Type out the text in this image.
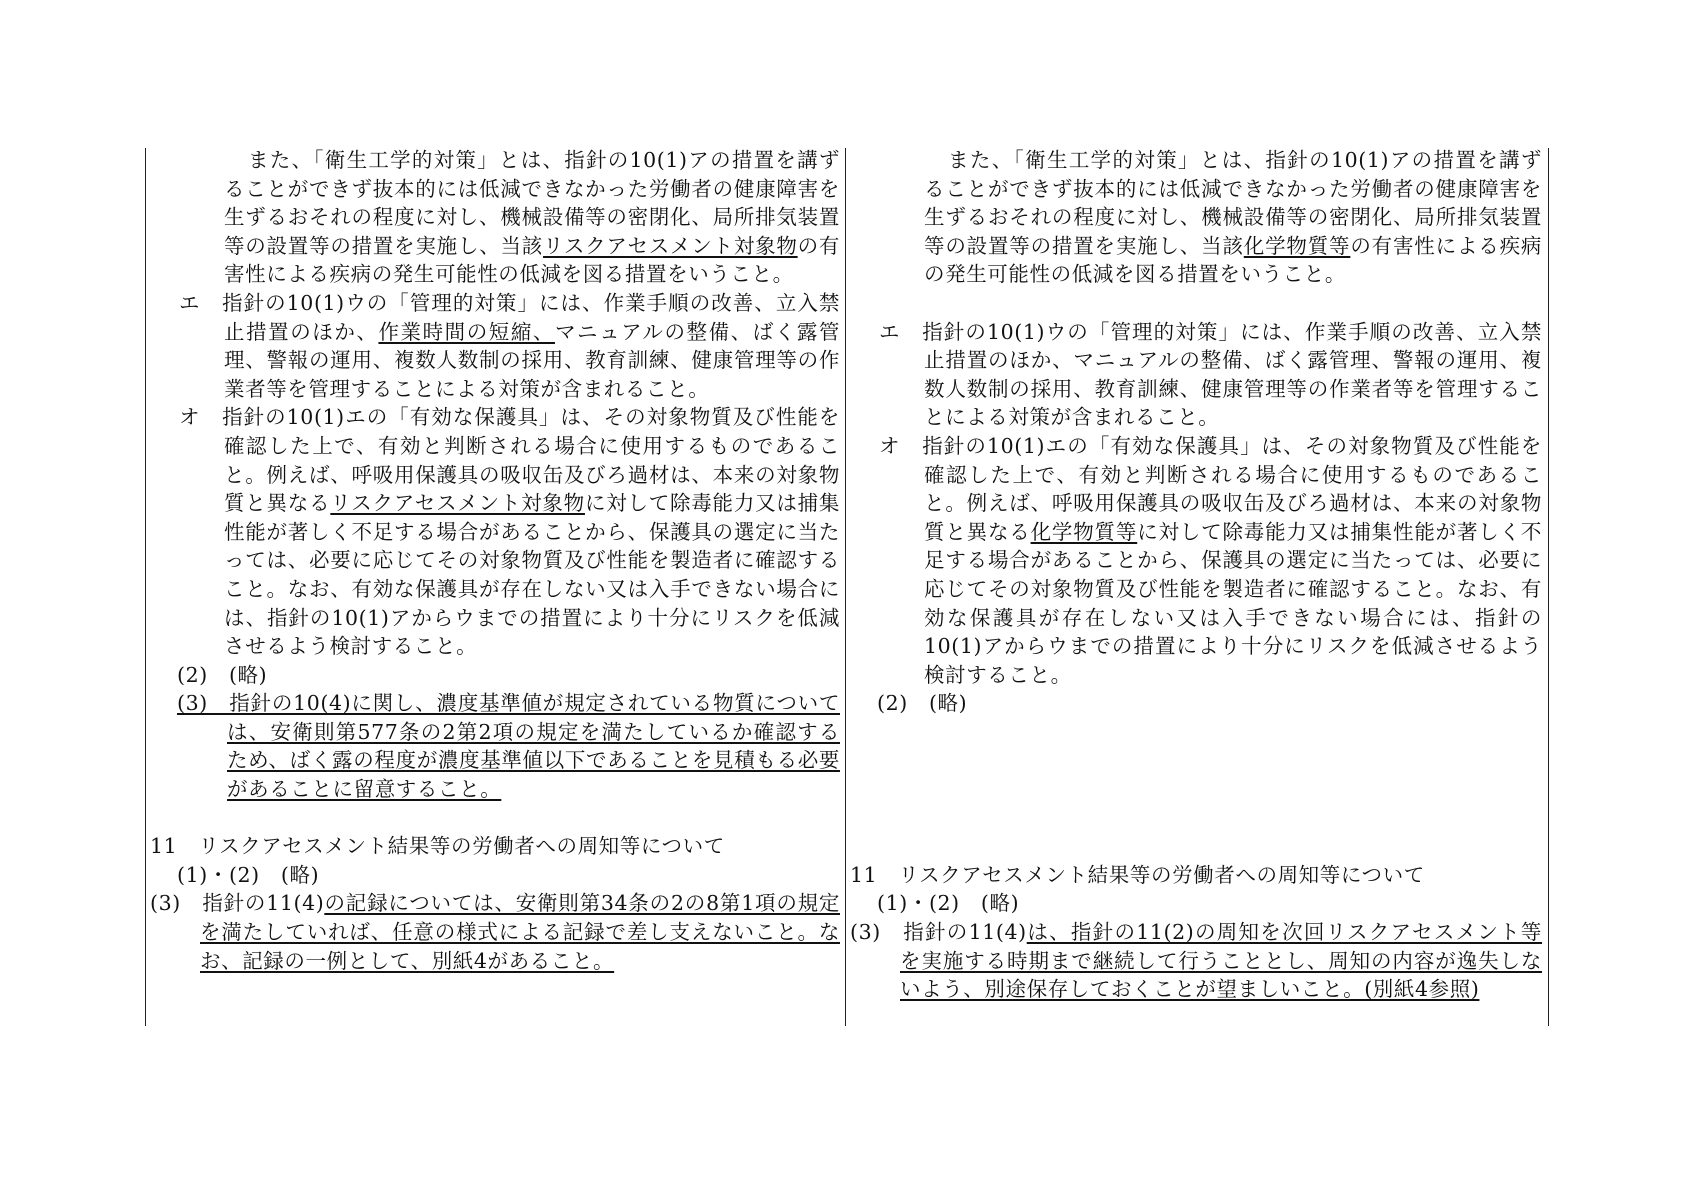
また、「衛生工学的対策」とは、指針の10(1)アの措置を講ずることができず抜本的には低減できなかった労働者の健康障害を生ずるおそれの程度に対し、機械設備等の密閉化、局所排気装置等の設置等の措置を実施し、当該リスクアセスメント対象物の有害性による疾病の発生可能性の低減を図る措置をいうこと。

エ　指針の10(1)ウの「管理的対策」には、作業手順の改善、立入禁止措置のほか、作業時間の短縮、マニュアルの整備、ばく露管理、警報の運用、複数人数制の採用、教育訓練、健康管理等の作業者等を管理することによる対策が含まれること。

オ　指針の10(1)エの「有効な保護具」は、その対象物質及び性能を確認した上で、有効と判断される場合に使用するものであること。例えば、呼吸用保護具の吸収缶及びろ過材は、本来の対象物質と異なるリスクアセスメント対象物に対して除毒能力又は捕集性能が著しく不足する場合があることから、保護具の選定に当たっては、必要に応じてその対象物質及び性能を製造者に確認すること。なお、有効な保護具が存在しない又は入手できない場合には、指針の10(1)アからウまでの措置により十分にリスクを低減させるよう検討すること。

(2)　(略)

(3)　指針の10(4)に関し、濃度基準値が規定されている物質については、安衛則第577条の2第2項の規定を満たしているか確認するため、ばく露の程度が濃度基準値以下であることを見積もる必要があることに留意すること。

11　リスクアセスメント結果等の労働者への周知等について

(1)・(2)　(略)

(3)　指針の11(4)の記録については、安衛則第34条の2の8第1項の規定を満たしていれば、任意の様式による記録で差し支えないこと。なお、記録の一例として、別紙4があること。

また、「衛生工学的対策」とは、指針の10(1)アの措置を講ずることができず抜本的には低減できなかった労働者の健康障害を生ずるおそれの程度に対し、機械設備等の密閉化、局所排気装置等の設置等の措置を実施し、当該化学物質等の有害性による疾病の発生可能性の低減を図る措置をいうこと。

エ　指針の10(1)ウの「管理的対策」には、作業手順の改善、立入禁止措置のほか、マニュアルの整備、ばく露管理、警報の運用、複数人数制の採用、教育訓練、健康管理等の作業者等を管理することによる対策が含まれること。

オ　指針の10(1)エの「有効な保護具」は、その対象物質及び性能を確認した上で、有効と判断される場合に使用するものであること。例えば、呼吸用保護具の吸収缶及びろ過材は、本来の対象物質と異なる化学物質等に対して除毒能力又は捕集性能が著しく不足する場合があることから、保護具の選定に当たっては、必要に応じてその対象物質及び性能を製造者に確認すること。なお、有効な保護具が存在しない又は入手できない場合には、指針の10(1)アからウまでの措置により十分にリスクを低減させるよう検討すること。

(2)　(略)

11　リスクアセスメント結果等の労働者への周知等について

(1)・(2)　(略)

(3)　指針の11(4)は、指針の11(2)の周知を次回リスクアセスメント等を実施する時期まで継続して行うこととし、周知の内容が逸失しないよう、別途保存しておくことが望ましいこと。(別紙4参照)
